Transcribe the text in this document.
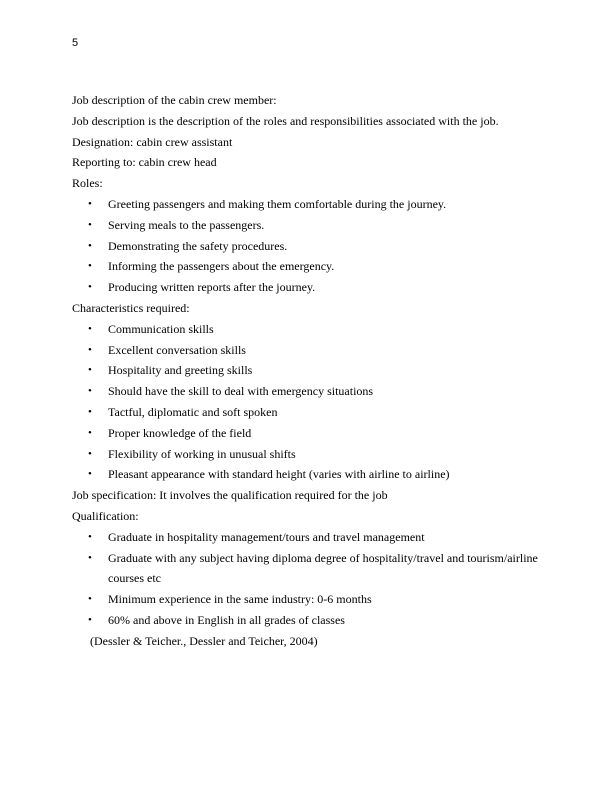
5

Job description of the cabin crew member:

Job description is the description of the roles and responsibilities associated with the job.

Designation: cabin crew assistant

Reporting to: cabin crew head

Roles:

• Greeting passengers and making them comfortable during the journey.
• Serving meals to the passengers.
• Demonstrating the safety procedures.
• Informing the passengers about the emergency.
• Producing written reports after the journey.

Characteristics required:

• Communication skills
• Excellent conversation skills
• Hospitality and greeting skills
• Should have the skill to deal with emergency situations
• Tactful, diplomatic and soft spoken
• Proper knowledge of the field
• Flexibility of working in unusual shifts
• Pleasant appearance with standard height (varies with airline to airline)

Job specification: It involves the qualification required for the job

Qualification:

• Graduate in hospitality management/tours and travel management
• Graduate with any subject having diploma degree of hospitality/travel and tourism/airline courses etc
• Minimum experience in the same industry: 0-6 months
• 60% and above in English in all grades of classes

(Dessler & Teicher., Dessler and Teicher, 2004)
